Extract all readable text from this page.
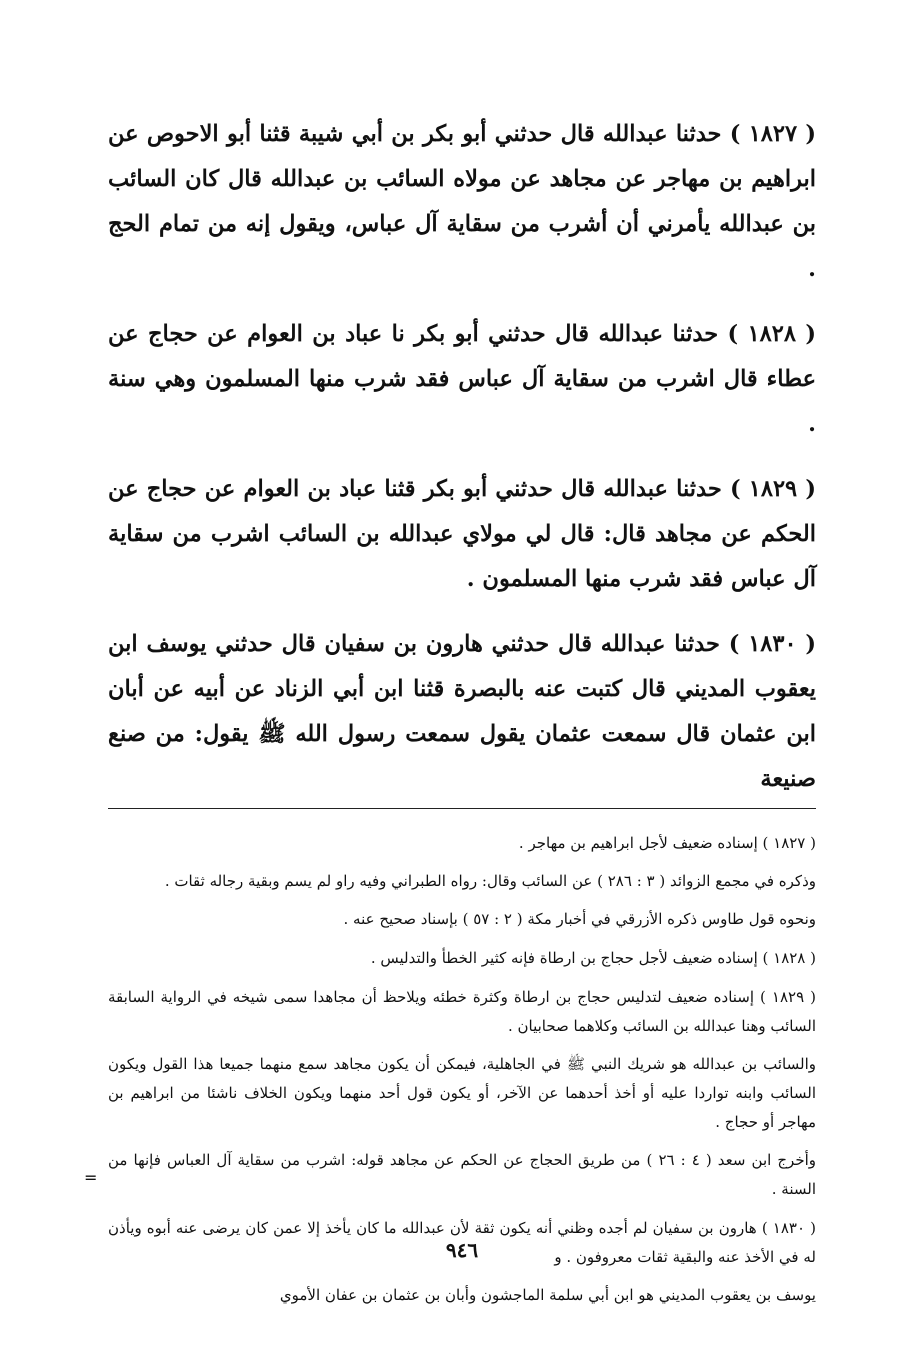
( ١٨٢٧ ) حدثنا عبدالله قال حدثني أبو بكر بن أبي شيبة قثنا أبو الاحوص عن ابراهيم بن مهاجر عن مجاهد عن مولاه السائب بن عبدالله قال كان السائب بن عبدالله يأمرني أن أشرب من سقاية آل عباس، ويقول إنه من تمام الحج .

( ١٨٢٨ ) حدثنا عبدالله قال حدثني أبو بكر نا عباد بن العوام عن حجاج عن عطاء قال اشرب من سقاية آل عباس فقد شرب منها المسلمون وهي سنة .

( ١٨٢٩ ) حدثنا عبدالله قال حدثني أبو بكر قثنا عباد بن العوام عن حجاج عن الحكم عن مجاهد قال: قال لي مولاي عبدالله بن السائب اشرب من سقاية آل عباس فقد شرب منها المسلمون .

( ١٨٣٠ ) حدثنا عبدالله قال حدثني هارون بن سفيان قال حدثني يوسف ابن يعقوب المديني قال كتبت عنه بالبصرة قثنا ابن أبي الزناد عن أبيه عن أبان ابن عثمان قال سمعت عثمان يقول سمعت رسول الله ﷺ يقول: من صنع صنيعة

( ١٨٢٧ ) إسناده ضعيف لأجل ابراهيم بن مهاجر .

وذكره في مجمع الزوائد ( ٣ : ٢٨٦ ) عن السائب وقال: رواه الطبراني وفيه راو لم يسم وبقية رجاله ثقات .

ونحوه قول طاوس ذكره الأزرقي في أخبار مكة ( ٢ : ٥٧ ) بإسناد صحيح عنه .

( ١٨٢٨ ) إسناده ضعيف لأجل حجاج بن ارطاة فإنه كثير الخطأ والتدليس .

( ١٨٢٩ ) إسناده ضعيف لتدليس حجاج بن ارطاة وكثرة خطئه ويلاحظ أن مجاهدا سمى شيخه في الرواية السابقة السائب وهنا عبدالله بن السائب وكلاهما صحابيان .

والسائب بن عبدالله هو شريك النبي ﷺ في الجاهلية، فيمكن أن يكون مجاهد سمع منهما جميعا هذا القول ويكون السائب وابنه تواردا عليه أو أخذ أحدهما عن الآخر، أو يكون قول أحد منهما ويكون الخلاف ناشئا من ابراهيم بن مهاجر أو حجاج .

وأخرج ابن سعد ( ٤ : ٢٦ ) من طريق الحجاج عن الحكم عن مجاهد قوله: اشرب من سقاية آل العباس فإنها من السنة .

( ١٨٣٠ ) هارون بن سفيان لم أجده وظني أنه يكون ثقة لأن عبدالله ما كان يأخذ إلا عمن كان يرضى عنه أبوه ويأذن له في الأخذ عنه والبقية ثقات معروفون . و

يوسف بن يعقوب المديني هو ابن أبي سلمة الماجشون وأبان بن عثمان بن عفان الأموي

=
٩٤٦
